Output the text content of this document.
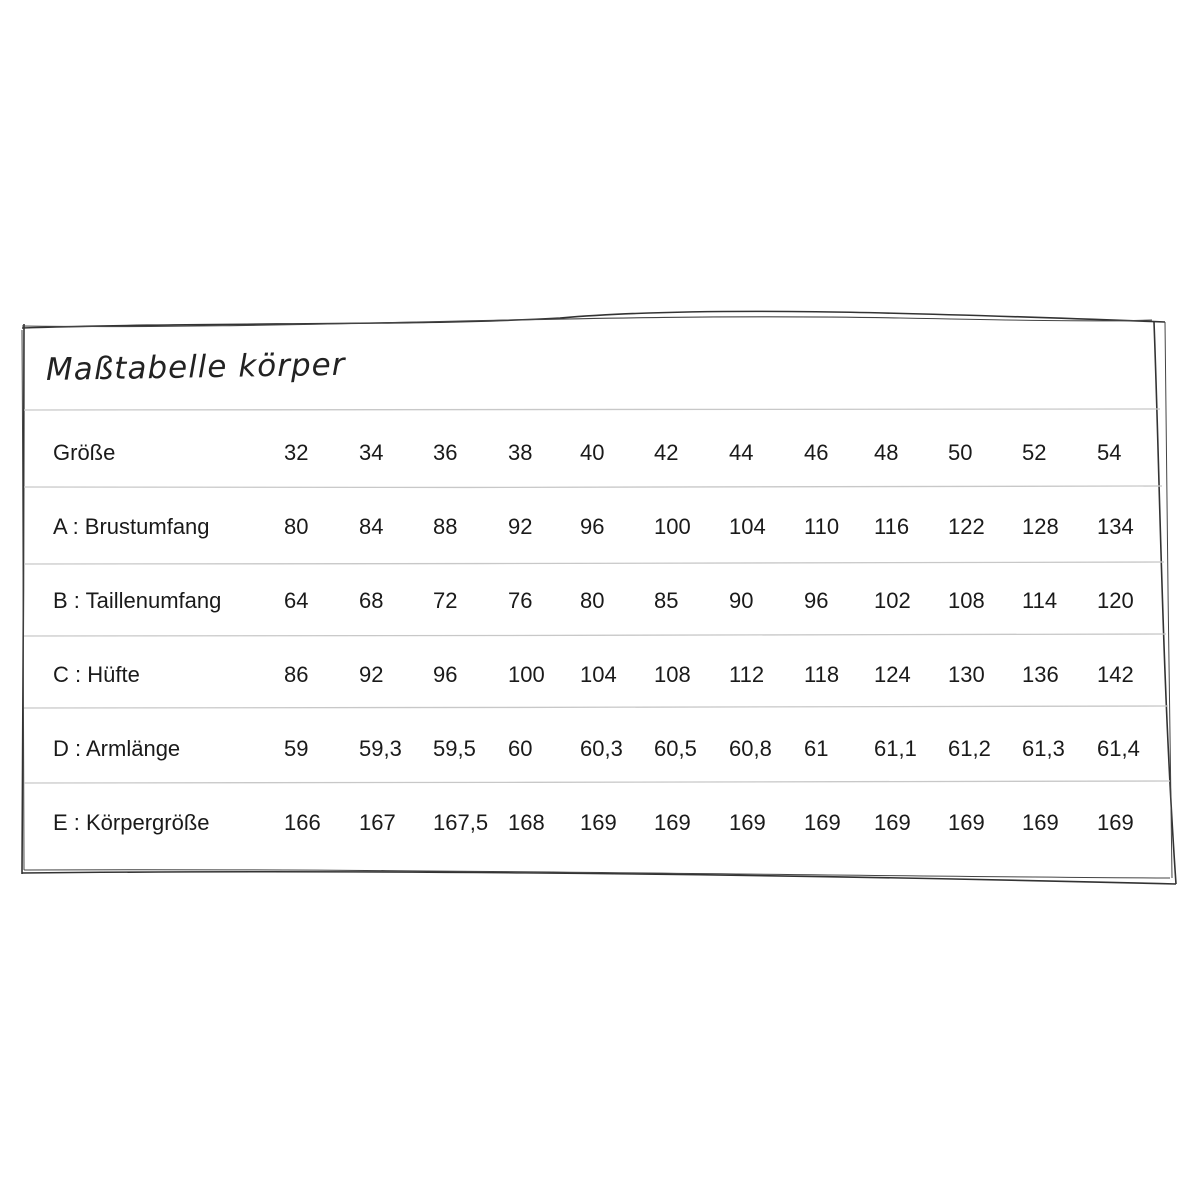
Maßtabelle körper
Größe	32 34 36 38 40 42 44 46 48 50 52 54
A : Brustumfang	80 84 88 92 96 100 104 110 116 122 128 134
B : Taillenumfang	64 68 72 76 80 85 90 96 102 108 114 120
C : Hüfte	86 92 96 100 104 108 112 118 124 130 136 142
D : Armlänge	59 59,3 59,5 60 60,3 60,5 60,8 61 61,1 61,2 61,3 61,4
E : Körpergröße	166 167 167,5 168 169 169 169 169 169 169 169 169
